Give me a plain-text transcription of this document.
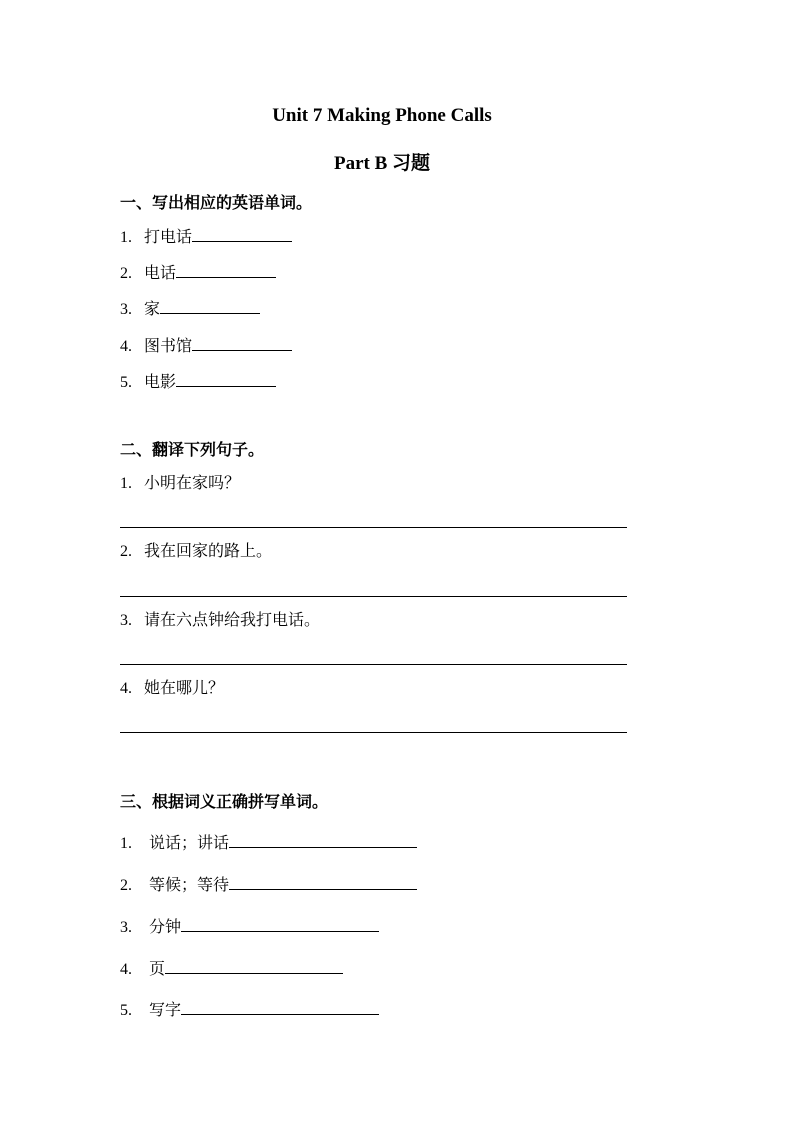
Unit 7 Making Phone Calls
Part B 习题
一、写出相应的英语单词。
1. 打电话
2. 电话
3. 家
4. 图书馆
5. 电影
二、翻译下列句子。
1. 小明在家吗？
2. 我在回家的路上。
3. 请在六点钟给我打电话。
4. 她在哪儿？
三、根据词义正确拼写单词。
1. 说话；讲话
2. 等候；等待
3. 分钟
4. 页
5. 写字
